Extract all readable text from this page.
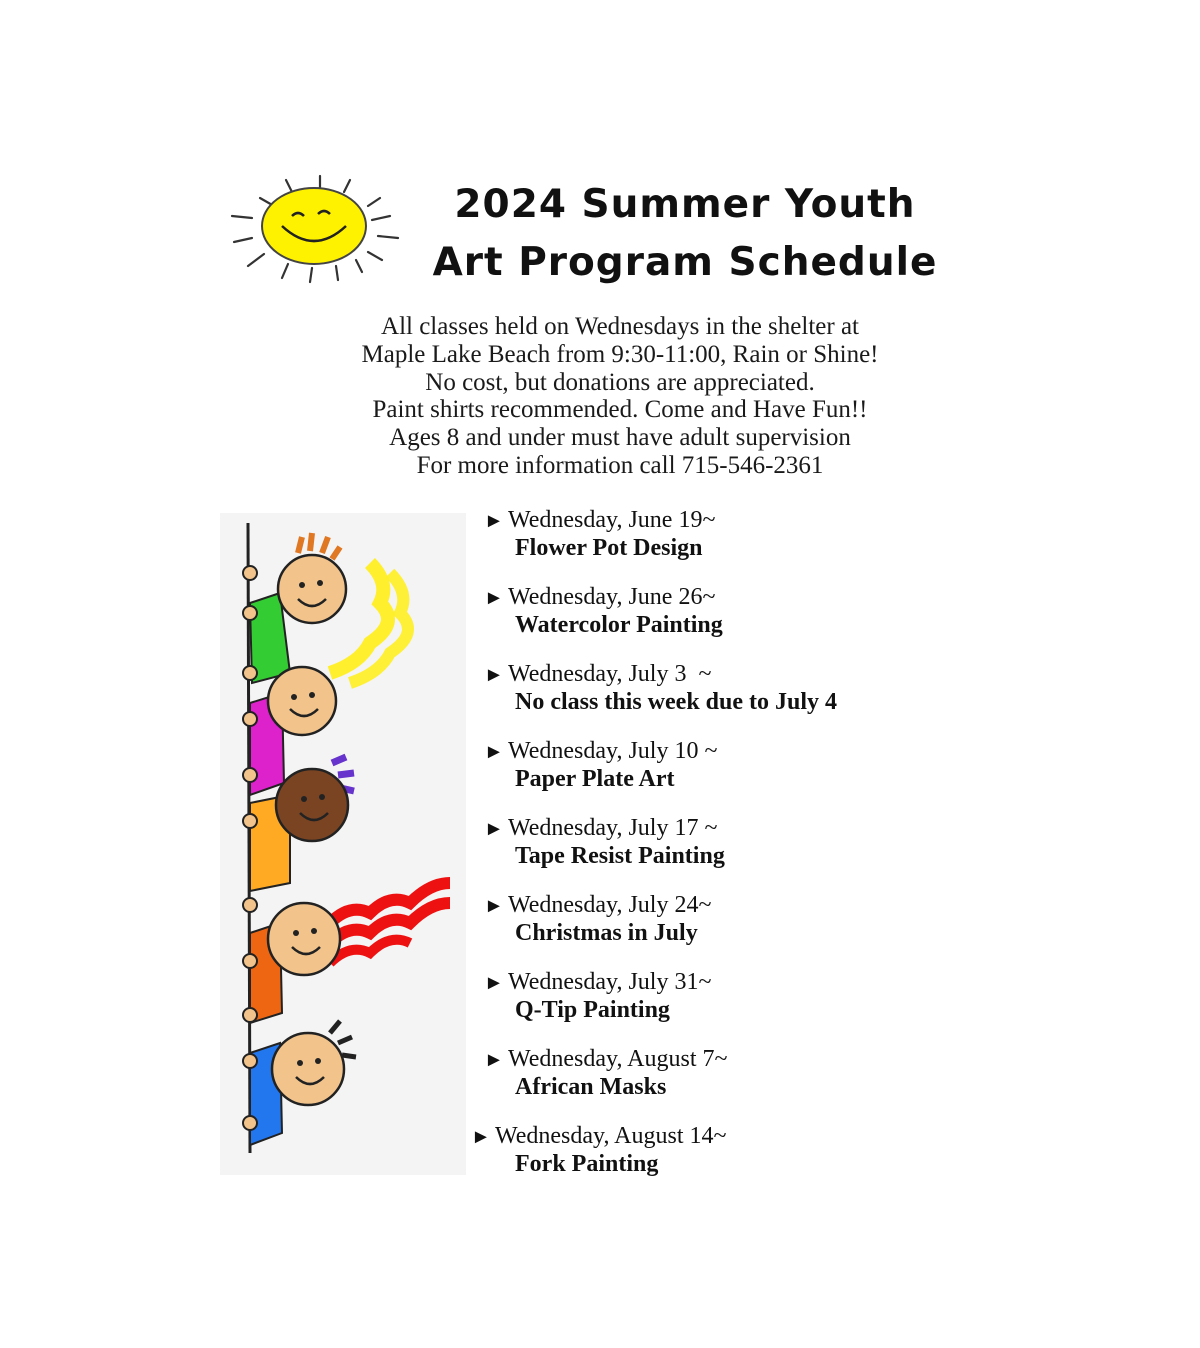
2024 Summer Youth
Art Program Schedule
All classes held on Wednesdays in the shelter at
Maple Lake Beach from 9:30-11:00, Rain or Shine!
No cost, but donations are appreciated.
Paint shirts recommended. Come and Have Fun!!
Ages 8 and under must have adult supervision
For more information call 715-546-2361
► Wednesday, June 19~
Flower Pot Design
► Wednesday, June 26~
Watercolor Painting
► Wednesday, July 3  ~
No class this week due to July 4
► Wednesday, July 10 ~
Paper Plate Art
► Wednesday, July 17 ~
Tape Resist Painting
► Wednesday, July 24~
Christmas in July
► Wednesday, July 31~
Q-Tip Painting
► Wednesday, August 7~
African Masks
► Wednesday, August 14~
Fork Painting
